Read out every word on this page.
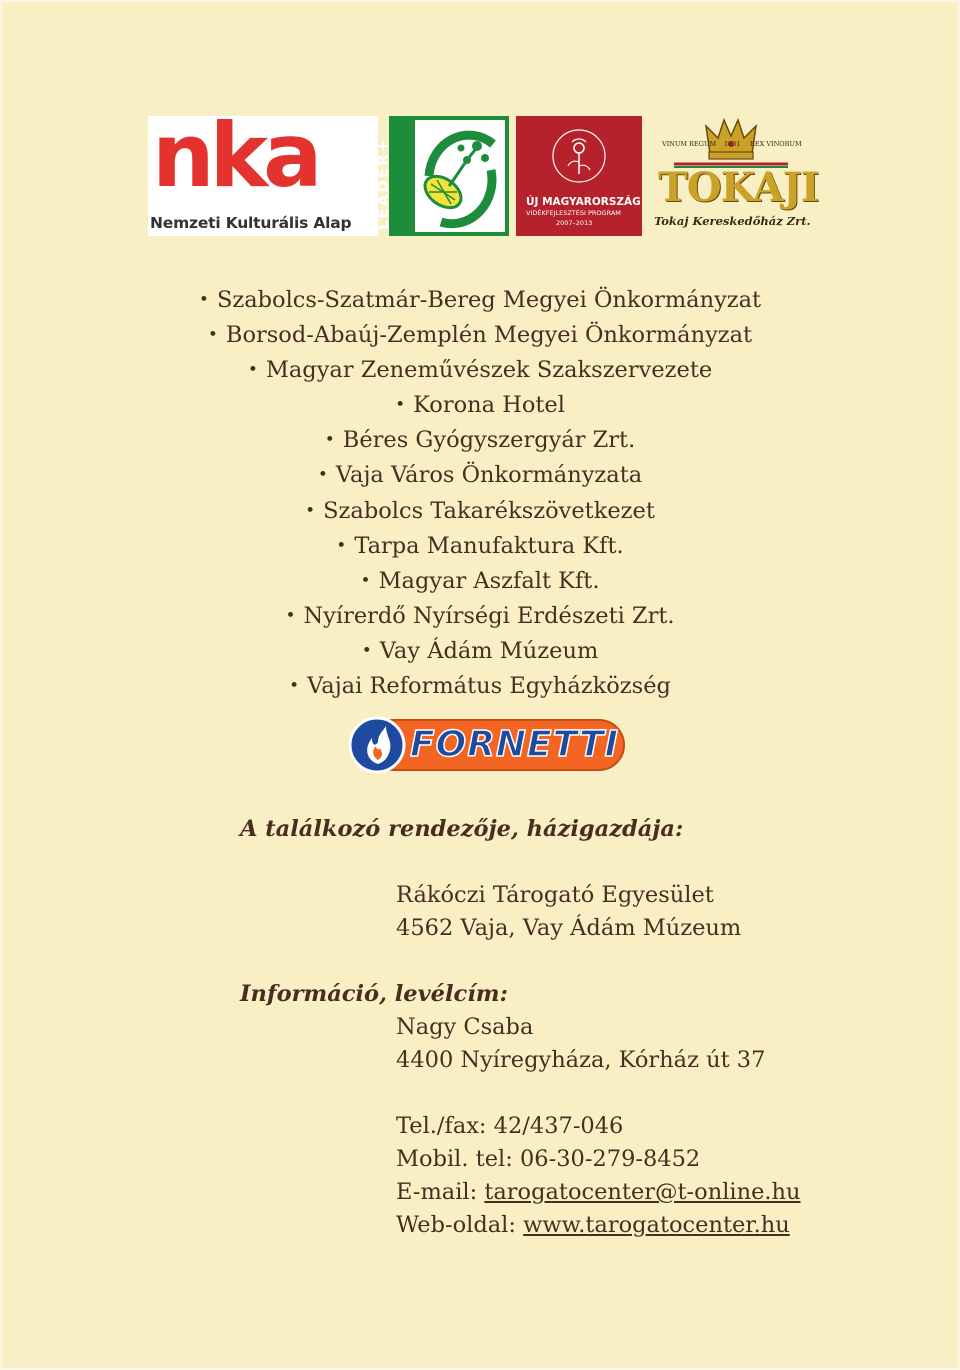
nka
Nemzeti Kulturális Alap LEADER+	ÚJ MAGYARORSZÁG
VIDÉKFEJLESZTÉSI PROGRAM
2007–2013
VINUM REGUM 1631 REX VINORUM
TOKAJI
Tokaj Kereskedőház Zrt.
• Szabolcs-Szatmár-Bereg Megyei Önkormányzat
• Borsod-Abaúj-Zemplén Megyei Önkormányzat
• Magyar Zeneművészek Szakszervezete
• Korona Hotel
• Béres Gyógyszergyár Zrt.
• Vaja Város Önkormányzata
• Szabolcs Takarékszövetkezet
• Tarpa Manufaktura Kft.
• Magyar Aszfalt Kft.
• Nyírerdő Nyírségi Erdészeti Zrt.
• Vay Ádám Múzeum
• Vajai Református Egyházközség
FORNETTI
A találkozó rendezője, házigazdája:
Rákóczi Tárogató Egyesület
4562 Vaja, Vay Ádám Múzeum
Információ, levélcím:
Nagy Csaba
4400 Nyíregyháza, Kórház út 37
Tel./fax: 42/437-046
Mobil. tel: 06-30-279-8452
E-mail: tarogatocenter@t-online.hu
Web-oldal: www.tarogatocenter.hu
